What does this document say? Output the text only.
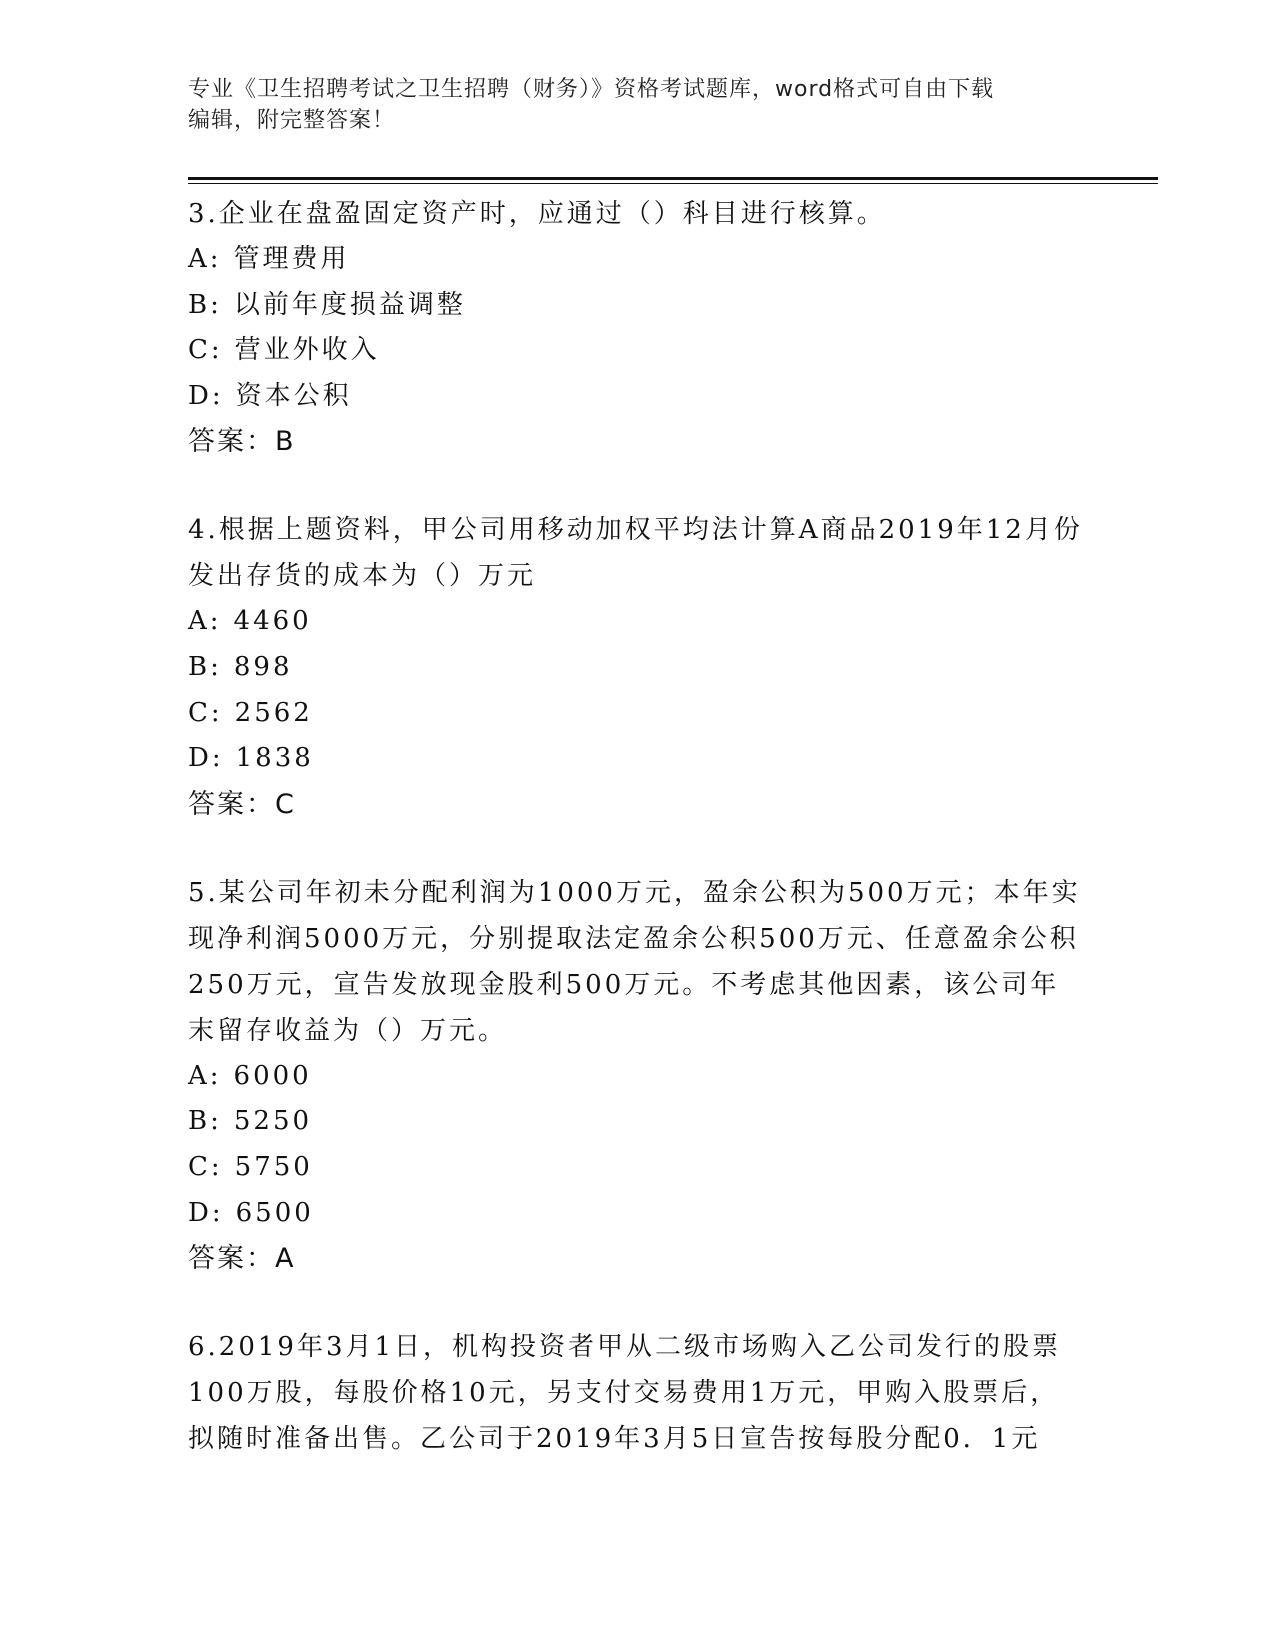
专业《卫生招聘考试之卫生招聘（财务）》资格考试题库，word格式可自由下载
编辑，附完整答案！

3.企业在盘盈固定资产时，应通过（）科目进行核算。

A: 管理费用

B: 以前年度损益调整

C: 营业外收入

D: 资本公积

答案：B

4.根据上题资料，甲公司用移动加权平均法计算A商品2019年12月份发出存货的成本为（）万元

A: 4460

B: 898

C: 2562

D: 1838

答案：C

5.某公司年初未分配利润为1000万元，盈余公积为500万元；本年实现净利润5000万元，分别提取法定盈余公积500万元、任意盈余公积250万元，宣告发放现金股利500万元。不考虑其他因素，该公司年末留存收益为（）万元。

A: 6000

B: 5250

C: 5750

D: 6500

答案：A

6.2019年3月1日，机构投资者甲从二级市场购入乙公司发行的股票100万股，每股价格10元，另支付交易费用1万元，甲购入股票后，拟随时准备出售。乙公司于2019年3月5日宣告按每股分配0．1元
